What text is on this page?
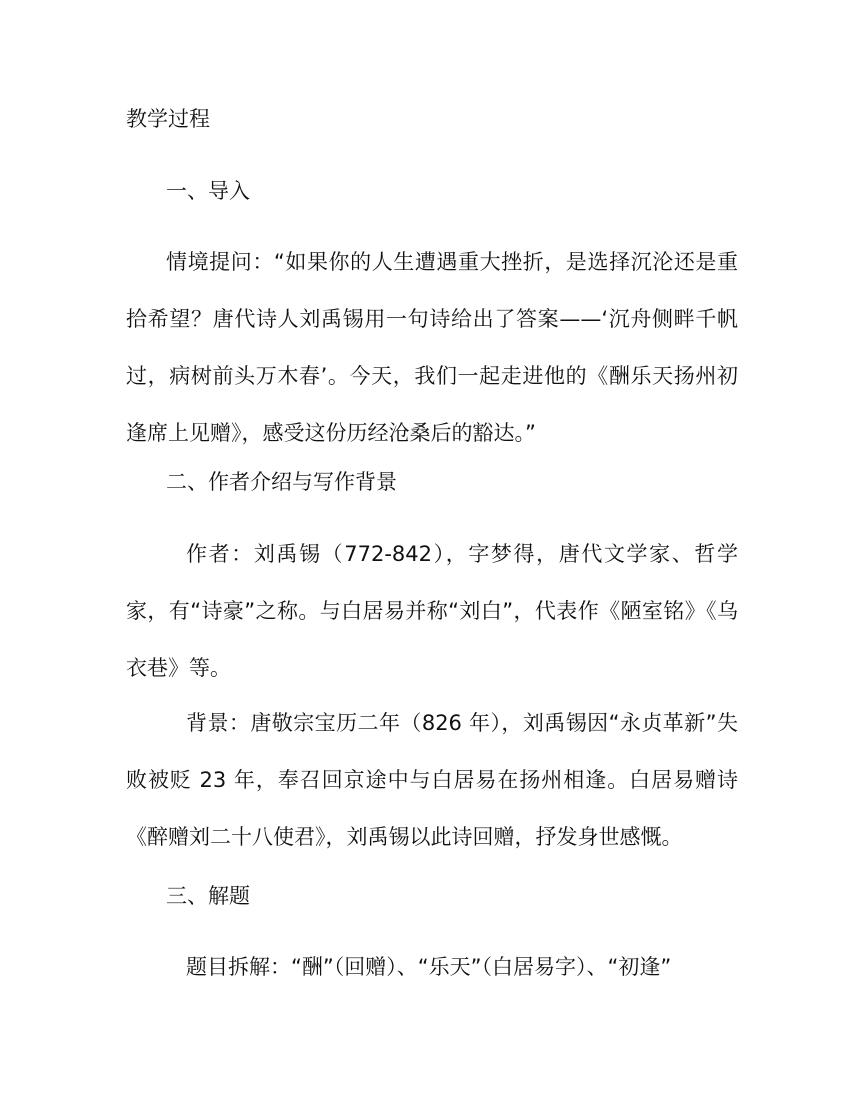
教学过程
一、导入
情境提问：“如果你的人生遭遇重大挫折，是选择沉沦还是重拾希望？唐代诗人刘禹锡用一句诗给出了答案——‘沉舟侧畔千帆过，病树前头万木春’。今天，我们一起走进他的《酬乐天扬州初逢席上见赠》，感受这份历经沧桑后的豁达。”
二、作者介绍与写作背景
作者：刘禹锡（772-842），字梦得，唐代文学家、哲学家，有“诗豪”之称。与白居易并称“刘白”，代表作《陋室铭》《乌衣巷》等。
背景：唐敬宗宝历二年（826 年），刘禹锡因“永贞革新”失败被贬 23 年，奉召回京途中与白居易在扬州相逢。白居易赠诗《醉赠刘二十八使君》，刘禹锡以此诗回赠，抒发身世感慨。
三、解题
题目拆解：“酬”（回赠）、“乐天”（白居易字）、“初逢”
